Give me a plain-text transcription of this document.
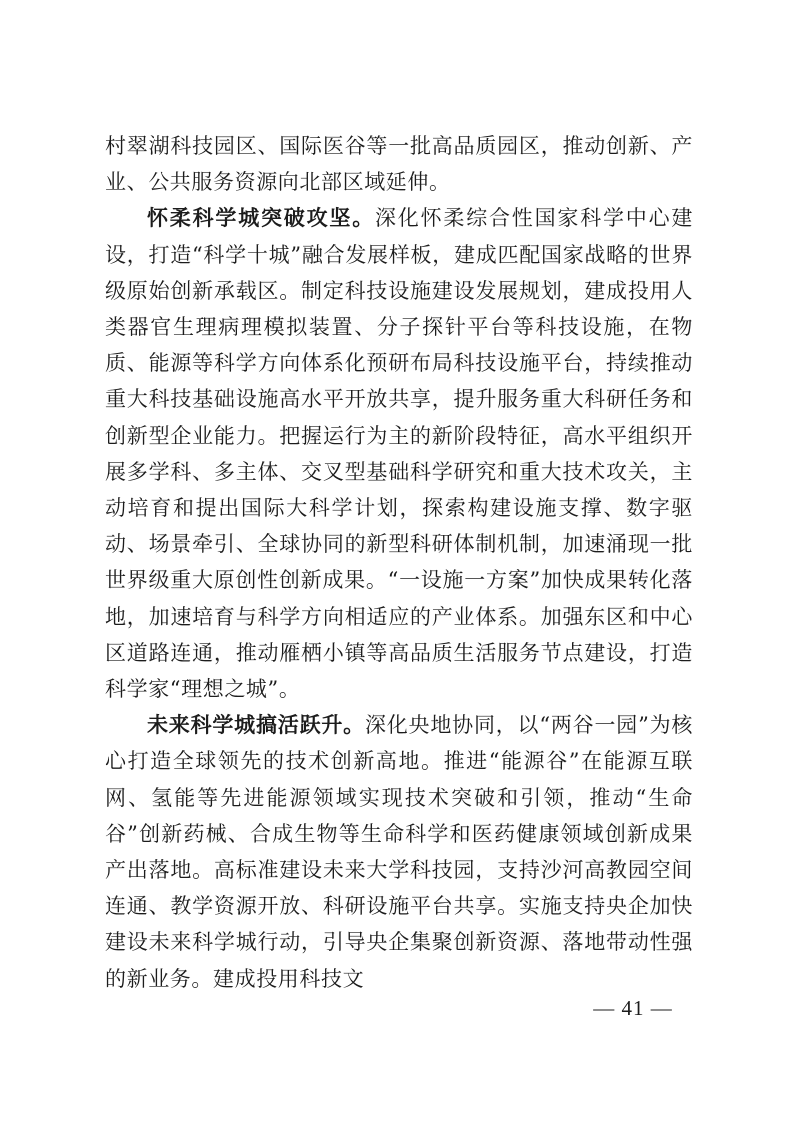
村翠湖科技园区、国际医谷等一批高品质园区，推动创新、产业、公共服务资源向北部区域延伸。

怀柔科学城突破攻坚。深化怀柔综合性国家科学中心建设，打造“科学十城”融合发展样板，建成匹配国家战略的世界级原始创新承载区。制定科技设施建设发展规划，建成投用人类器官生理病理模拟装置、分子探针平台等科技设施，在物质、能源等科学方向体系化预研布局科技设施平台，持续推动重大科技基础设施高水平开放共享，提升服务重大科研任务和创新型企业能力。把握运行为主的新阶段特征，高水平组织开展多学科、多主体、交叉型基础科学研究和重大技术攻关，主动培育和提出国际大科学计划，探索构建设施支撑、数字驱动、场景牵引、全球协同的新型科研体制机制，加速涌现一批世界级重大原创性创新成果。“一设施一方案”加快成果转化落地，加速培育与科学方向相适应的产业体系。加强东区和中心区道路连通，推动雁栖小镇等高品质生活服务节点建设，打造科学家“理想之城”。

未来科学城搞活跃升。深化央地协同，以“两谷一园”为核心打造全球领先的技术创新高地。推进“能源谷”在能源互联网、氢能等先进能源领域实现技术突破和引领，推动“生命谷”创新药械、合成生物等生命科学和医药健康领域创新成果产出落地。高标准建设未来大学科技园，支持沙河高教园空间连通、教学资源开放、科研设施平台共享。实施支持央企加快建设未来科学城行动，引导央企集聚创新资源、落地带动性强的新业务。建成投用科技文

— 41 —
